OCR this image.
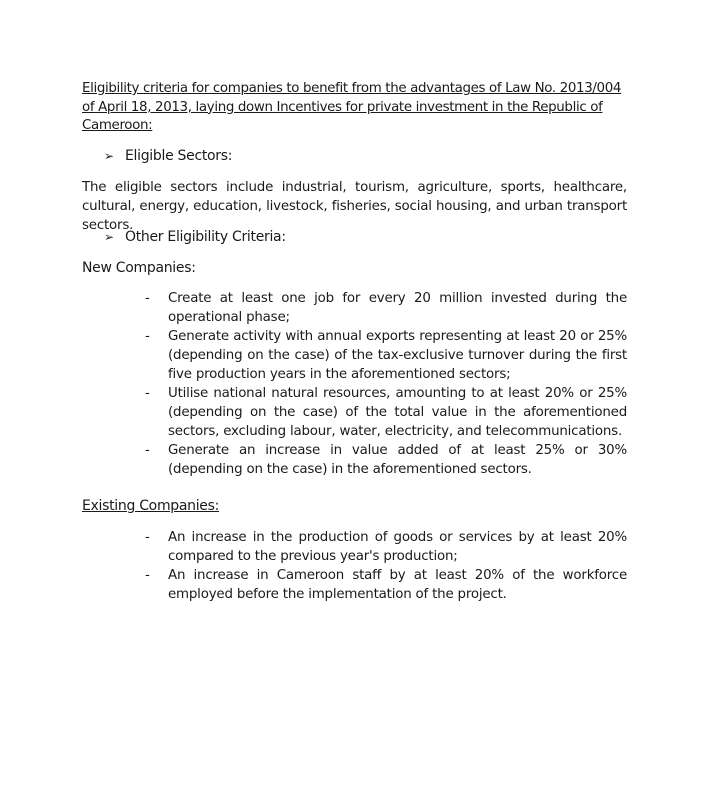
Eligibility criteria for companies to benefit from the advantages of Law No. 2013/004 of April 18, 2013, laying down Incentives for private investment in the Republic of Cameroon:
➢ Eligible Sectors:
The eligible sectors include industrial, tourism, agriculture, sports, healthcare, cultural, energy, education, livestock, fisheries, social housing, and urban transport sectors.
➢ Other Eligibility Criteria:
New Companies:
- Create at least one job for every 20 million invested during the operational phase;
- Generate activity with annual exports representing at least 20 or 25% (depending on the case) of the tax-exclusive turnover during the first five production years in the aforementioned sectors;
- Utilise national natural resources, amounting to at least 20% or 25% (depending on the case) of the total value in the aforementioned sectors, excluding labour, water, electricity, and telecommunications.
- Generate an increase in value added of at least 25% or 30% (depending on the case) in the aforementioned sectors.
Existing Companies:
- An increase in the production of goods or services by at least 20% compared to the previous year's production;
- An increase in Cameroon staff by at least 20% of the workforce employed before the implementation of the project.
